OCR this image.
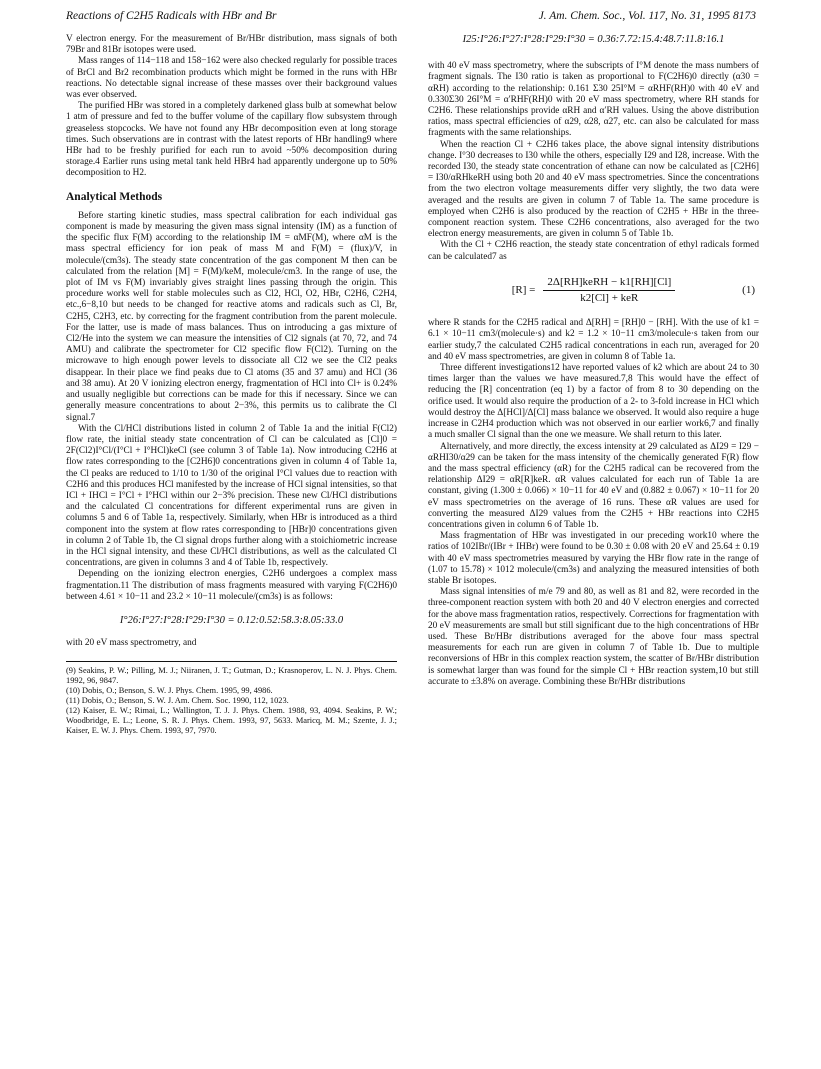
Reactions of C2H5 Radicals with HBr and Br	J. Am. Chem. Soc., Vol. 117, No. 31, 1995 8173

V electron energy. For the measurement of Br/HBr distribution, mass signals of both 79Br and 81Br isotopes were used.

Mass ranges of 114−118 and 158−162 were also checked regularly for possible traces of BrCl and Br2 recombination products which might be formed in the runs with HBr reactions. No detectable signal increase of these masses over their background values was ever observed.

The purified HBr was stored in a completely darkened glass bulb at somewhat below 1 atm of pressure and fed to the buffer volume of the capillary flow subsystem through greaseless stopcocks. We have not found any HBr decomposition even at long storage times. Such observations are in contrast with the latest reports of HBr handling9 where HBr had to be freshly purified for each run to avoid ~50% decomposition during storage.4 Earlier runs using metal tank held HBr4 had apparently undergone up to 50% decomposition to H2.

Analytical Methods

Before starting kinetic studies, mass spectral calibration for each individual gas component is made by measuring the given mass signal intensity (IM) as a function of the specific flux F(M) according to the relationship IM = αMF(M), where αM is the mass spectral efficiency for ion peak of mass M and F(M) = (flux)/V, in molecule/(cm3s). The steady state concentration of the gas component M then can be calculated from the relation [M] = F(M)/keM, molecule/cm3. In the range of use, the plot of IM vs F(M) invariably gives straight lines passing through the origin. This procedure works well for stable molecules such as Cl2, HCl, O2, HBr, C2H6, C2H4, etc.,6−8,10 but needs to be changed for reactive atoms and radicals such as Cl, Br, C2H5, C2H3, etc. by correcting for the fragment contribution from the parent molecule. For the latter, use is made of mass balances. Thus on introducing a gas mixture of Cl2/He into the system we can measure the intensities of Cl2 signals (at 70, 72, and 74 AMU) and calibrate the spectrometer for Cl2 specific flow F(Cl2). Turning on the microwave to high enough power levels to dissociate all Cl2 we see the Cl2 peaks disappear. In their place we find peaks due to Cl atoms (35 and 37 amu) and HCl (36 and 38 amu). At 20 V ionizing electron energy, fragmentation of HCl into Cl+ is 0.24% and usually negligible but corrections can be made for this if necessary. Since we can generally measure concentrations to about 2−3%, this permits us to calibrate the Cl signal.7

With the Cl/HCl distributions listed in column 2 of Table 1a and the initial F(Cl2) flow rate, the initial steady state concentration of Cl can be calculated as [Cl]0 = 2F(Cl2)I°Cl/(I°Cl + I°HCl)keCl (see column 3 of Table 1a). Now introducing C2H6 at flow rates corresponding to the [C2H6]0 concentrations given in column 4 of Table 1a, the Cl peaks are reduced to 1/10 to 1/30 of the original I°Cl values due to reaction with C2H6 and this produces HCl manifested by the increase of HCl signal intensities, so that ICl + IHCl = I°Cl + I°HCl within our 2−3% precision. These new Cl/HCl distributions and the calculated Cl concentrations for different experimental runs are given in columns 5 and 6 of Table 1a, respectively. Similarly, when HBr is introduced as a third component into the system at flow rates corresponding to [HBr]0 concentrations given in column 2 of Table 1b, the Cl signal drops further along with a stoichiometric increase in the HCl signal intensity, and these Cl/HCl distributions, as well as the calculated Cl concentrations, are given in columns 3 and 4 of Table 1b, respectively.

Depending on the ionizing electron energies, C2H6 undergoes a complex mass fragmentation.11 The distribution of mass fragments measured with varying F(C2H6)0 between 4.61 × 10−11 and 23.2 × 10−11 molecule/(cm3s) is as follows:

I°26:I°27:I°28:I°29:I°30 = 0.12:0.52:58.3:8.05:33.0

with 20 eV mass spectrometry, and

(9) Seakins, P. W.; Pilling, M. J.; Niiranen, J. T.; Gutman, D.; Krasnoperov, L. N. J. Phys. Chem. 1992, 96, 9847.
(10) Dobis, O.; Benson, S. W. J. Phys. Chem. 1995, 99, 4986.
(11) Dobis, O.; Benson, S. W. J. Am. Chem. Soc. 1990, 112, 1023.
(12) Kaiser, E. W.; Rimai, L.; Wallington, T. J. J. Phys. Chem. 1988, 93, 4094. Seakins, P. W.; Woodbridge, E. L.; Leone, S. R. J. Phys. Chem. 1993, 97, 5633. Maricq, M. M.; Szente, J. J.; Kaiser, E. W. J. Phys. Chem. 1993, 97, 7970.
I25:I°26:I°27:I°28:I°29:I°30 = 0.36:7.72:15.4:48.7:11.8:16.1

with 40 eV mass spectrometry, where the subscripts of I°M denote the mass numbers of fragment signals. The I30 ratio is taken as proportional to F(C2H6)0 directly (α30 = αRH) according to the relationship: 0.161 Σ30 25I°M = αRHF(RH)0 with 40 eV and 0.330Σ30 26I°M = α′RHF(RH)0 with 20 eV mass spectrometry, where RH stands for C2H6. These relationships provide αRH and α′RH values. Using the above distribution ratios, mass spectral efficiencies of α29, α28, α27, etc. can also be calculated for mass fragments with the same relationships.

When the reaction Cl + C2H6 takes place, the above signal intensity distributions change. I°30 decreases to I30 while the others, especially I29 and I28, increase. With the recorded I30, the steady state concentration of ethane can now be calculated as [C2H6] = I30/αRHkeRH using both 20 and 40 eV mass spectrometries. Since the concentrations from the two electron voltage measurements differ very slightly, the two data were averaged and the results are given in column 7 of Table 1a. The same procedure is employed when C2H6 is also produced by the reaction of C2H5 + HBr in the three-component reaction system. These C2H6 concentrations, also averaged for the two electron energy measurements, are given in column 5 of Table 1b.

With the Cl + C2H6 reaction, the steady state concentration of ethyl radicals formed can be calculated7 as

$[R] = \frac{\text{2Δ[RH]keRH − k1[RH][Cl]}}{\text{k2[Cl] + keR}}$	(1)

where R stands for the C2H5 radical and Δ[RH] = [RH]0 − [RH]. With the use of k1 = 6.1 × 10−11 cm3/(molecule·s) and k2 = 1.2 × 10−11 cm3/molecule·s taken from our earlier study,7 the calculated C2H5 radical concentrations in each run, averaged for 20 and 40 eV mass spectrometries, are given in column 8 of Table 1a.

Three different investigations12 have reported values of k2 which are about 24 to 30 times larger than the values we have measured.7,8 This would have the effect of reducing the [R] concentration (eq 1) by a factor of from 8 to 30 depending on the orifice used. It would also require the production of a 2- to 3-fold increase in HCl which would destroy the Δ[HCl]/Δ[Cl] mass balance we observed. It would also require a huge increase in C2H4 production which was not observed in our earlier work6,7 and finally a much smaller Cl signal than the one we measure. We shall return to this later.

Alternatively, and more directly, the excess intensity at 29 calculated as ΔI29 = I29 − αRHI30/α29 can be taken for the mass intensity of the chemically generated F(R) flow and the mass spectral efficiency (αR) for the C2H5 radical can be recovered from the relationship ΔI29 = αR[R]keR. αR values calculated for each run of Table 1a are constant, giving (1.300 ± 0.066) × 10−11 for 40 eV and (0.882 ± 0.067) × 10−11 for 20 eV mass spectrometries on the average of 16 runs. These αR values are used for converting the measured ΔI29 values from the C2H5 + HBr reactions into C2H5 concentrations given in column 6 of Table 1b.

Mass fragmentation of HBr was investigated in our preceding work10 where the ratios of 102IBr/(IBr + IHBr) were found to be 0.30 ± 0.08 with 20 eV and 25.64 ± 0.19 with 40 eV mass spectrometries measured by varying the HBr flow rate in the range of (1.07 to 15.78) × 1012 molecule/(cm3s) and analyzing the measured intensities of both stable Br isotopes.

Mass signal intensities of m/e 79 and 80, as well as 81 and 82, were recorded in the three-component reaction system with both 20 and 40 V electron energies and corrected for the above mass fragmentation ratios, respectively. Corrections for fragmentation with 20 eV measurements are small but still significant due to the high concentrations of HBr used. These Br/HBr distributions averaged for the above four mass spectral measurements for each run are given in column 7 of Table 1b. Due to multiple reconversions of HBr in this complex reaction system, the scatter of Br/HBr distribution is somewhat larger than was found for the simple Cl + HBr reaction system,10 but still accurate to ±3.8% on average. Combining these Br/HBr distributions
